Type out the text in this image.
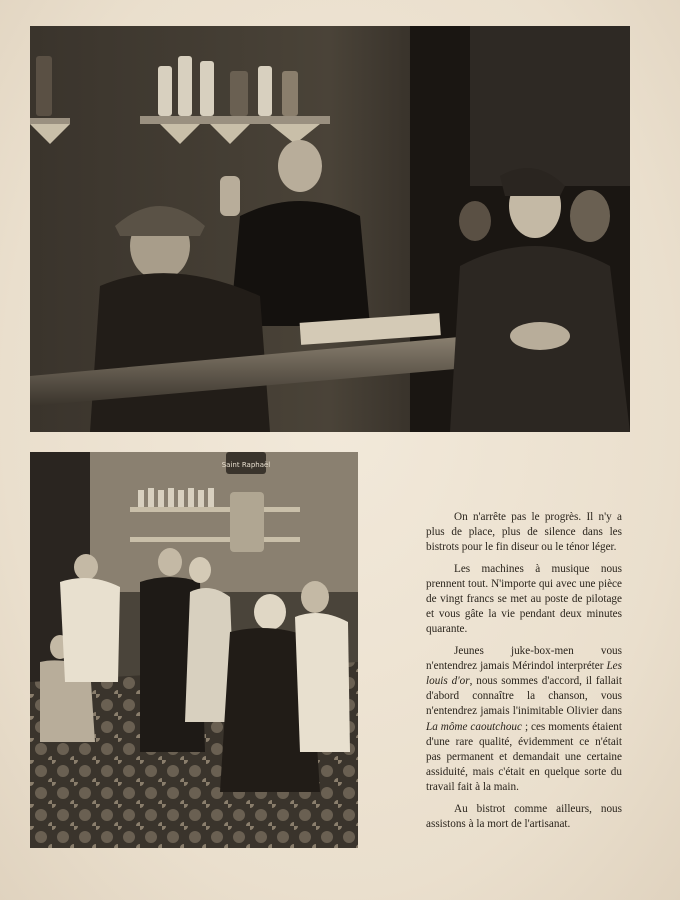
Saint Raphaël

On n'arrête pas le progrès. Il n'y a plus de place, plus de silence dans les bistrots pour le fin diseur ou le ténor léger.

Les machines à musique nous prennent tout. N'importe qui avec une pièce de vingt francs se met au poste de pilotage et vous gâte la vie pendant deux minutes quarante.

Jeunes juke-box-men vous n'entendrez jamais Mérindol interpréter Les louis d'or, nous sommes d'accord, il fallait d'abord connaître la chanson, vous n'entendrez jamais l'inimitable Olivier dans La môme caoutchouc ; ces moments étaient d'une rare qualité, évidemment ce n'était pas permanent et demandait une certaine assiduité, mais c'était en quelque sorte du travail fait à la main.

Au bistrot comme ailleurs, nous assistons à la mort de l'artisanat.
